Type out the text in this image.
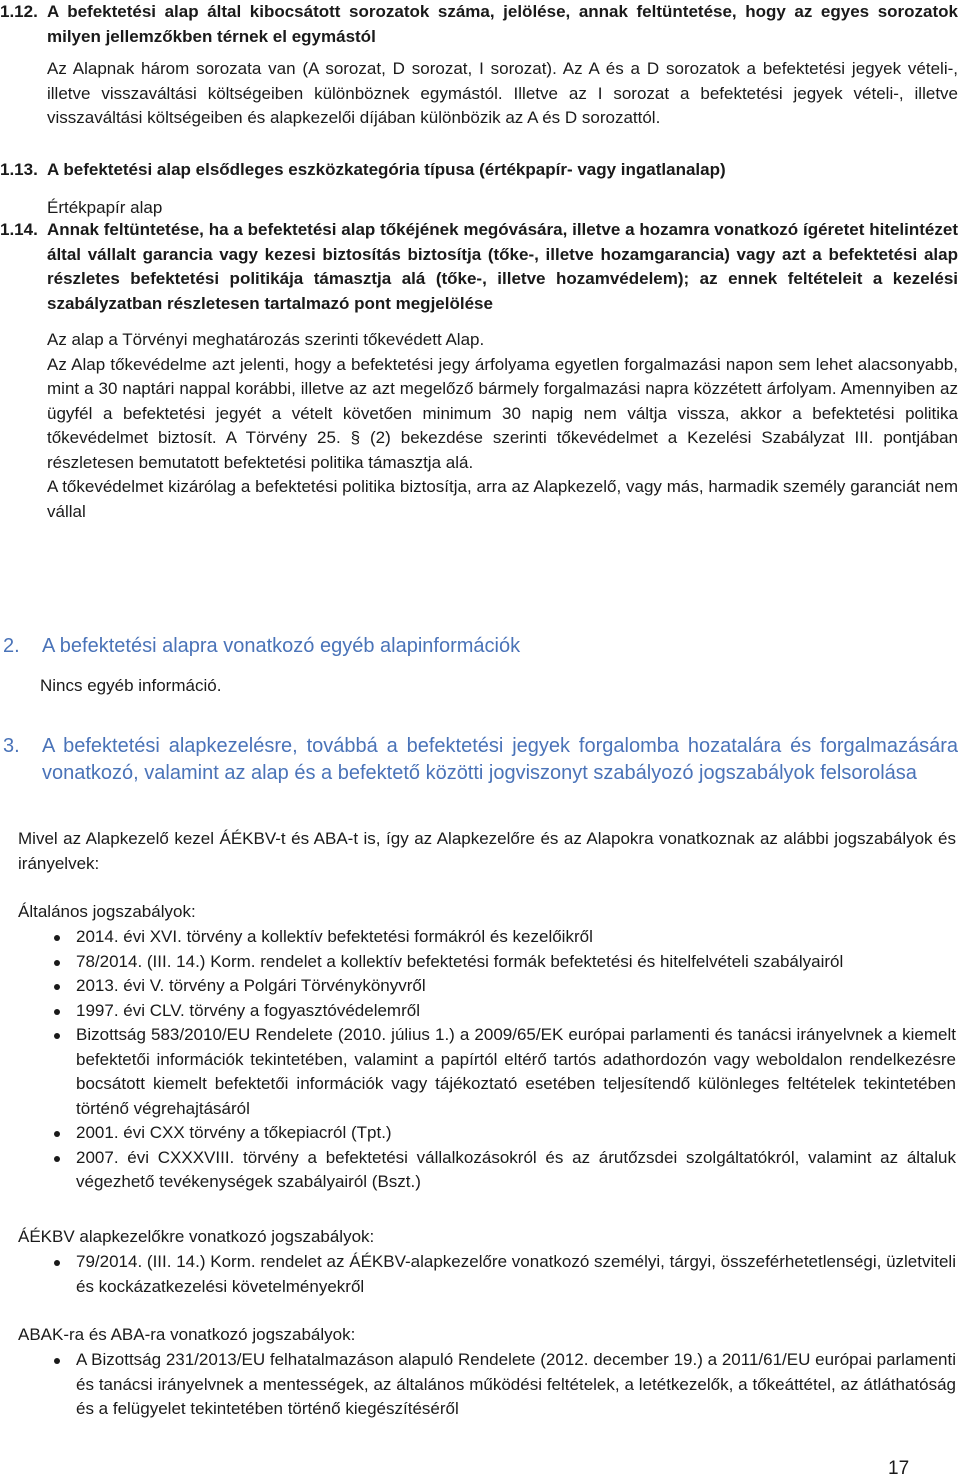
1.12. A befektetési alap által kibocsátott sorozatok száma, jelölése, annak feltüntetése, hogy az egyes sorozatok milyen jellemzőkben térnek el egymástól
Az Alapnak három sorozata van (A sorozat, D sorozat, I sorozat). Az A és a D sorozatok a befektetési jegyek vételi-, illetve visszaváltási költségeiben különböznek egymástól. Illetve az I sorozat a befektetési jegyek vételi-, illetve visszaváltási költségeiben és alapkezelői díjában különbözik az A és D sorozattól.
1.13. A befektetési alap elsődleges eszközkategória típusa (értékpapír- vagy ingatlanalap)
Értékpapír alap
1.14. Annak feltüntetése, ha a befektetési alap tőkéjének megóvására, illetve a hozamra vonatkozó ígéretet hitelintézet által vállalt garancia vagy kezesi biztosítás biztosítja (tőke-, illetve hozamgarancia) vagy azt a befektetési alap részletes befektetési politikája támasztja alá (tőke-, illetve hozamvédelem); az ennek feltételeit a kezelési szabályzatban részletesen tartalmazó pont megjelölése
Az alap a Törvényi meghatározás szerinti tőkevédett Alap.
Az Alap tőkevédelme azt jelenti, hogy a befektetési jegy árfolyama egyetlen forgalmazási napon sem lehet alacsonyabb, mint a 30 naptári nappal korábbi, illetve az azt megelőző bármely forgalmazási napra közzétett árfolyam. Amennyiben az ügyfél a befektetési jegyét a vételt követően minimum 30 napig nem váltja vissza, akkor a befektetési politika tőkevédelmet biztosít. A Törvény 25. § (2) bekezdése szerinti tőkevédelmet a Kezelési Szabályzat III. pontjában részletesen bemutatott befektetési politika támasztja alá.
A tőkevédelmet kizárólag a befektetési politika biztosítja, arra az Alapkezelő, vagy más, harmadik személy garanciát nem vállal
2. A befektetési alapra vonatkozó egyéb alapinformációk
Nincs egyéb információ.
3. A befektetési alapkezelésre, továbbá a befektetési jegyek forgalomba hozatalára és forgalmazására vonatkozó, valamint az alap és a befektető közötti jogviszonyt szabályozó jogszabályok felsorolása
Mivel az Alapkezelő kezel ÁÉKBV-t és ABA-t is, így az Alapkezelőre és az Alapokra vonatkoznak az alábbi jogszabályok és irányelvek:
Általános jogszabályok:
2014. évi XVI. törvény a kollektív befektetési formákról és kezelőikről
78/2014. (III. 14.) Korm. rendelet a kollektív befektetési formák befektetési és hitelfelvételi szabályairól
2013. évi V. törvény a Polgári Törvénykönyvről
1997. évi CLV. törvény a fogyasztóvédelemről
Bizottság 583/2010/EU Rendelete (2010. július 1.) a 2009/65/EK európai parlamenti és tanácsi irányelvnek a kiemelt befektetői információk tekintetében, valamint a papírtól eltérő tartós adathordozón vagy weboldalon rendelkezésre bocsátott kiemelt befektetői információk vagy tájékoztató esetében teljesítendő különleges feltételek tekintetében történő végrehajtásáról
2001. évi CXX törvény a tőkepiacról (Tpt.)
2007. évi CXXXVIII. törvény a befektetési vállalkozásokról és az árutőzsdei szolgáltatókról, valamint az általuk végezhető tevékenységek szabályairól (Bszt.)
ÁÉKBV alapkezelőkre vonatkozó jogszabályok:
79/2014. (III. 14.) Korm. rendelet az ÁÉKBV-alapkezelőre vonatkozó személyi, tárgyi, összeférhetetlenségi, üzletviteli és kockázatkezelési követelményekről
ABAK-ra és ABA-ra vonatkozó jogszabályok:
A Bizottság 231/2013/EU felhatalmazáson alapuló Rendelete (2012. december 19.) a 2011/61/EU európai parlamenti és tanácsi irányelvnek a mentességek, az általános működési feltételek, a letétkezelők, a tőkeáttétel, az átláthatóság és a felügyelet tekintetében történő kiegészítéséről
17
